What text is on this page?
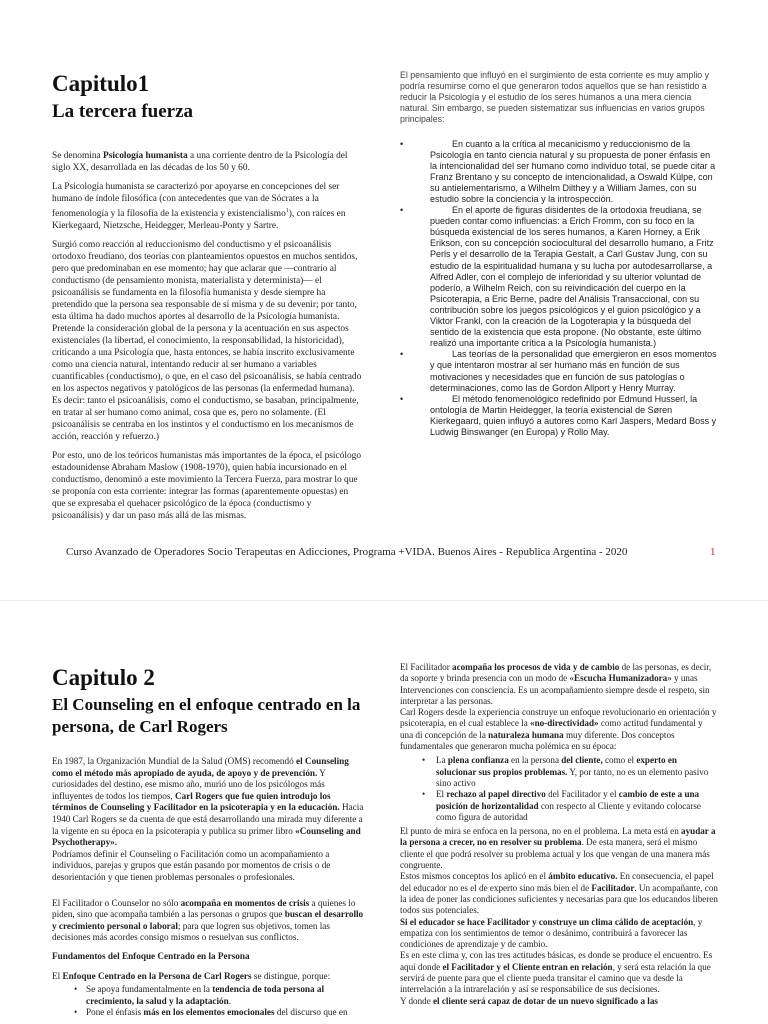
Capitulo1
La tercera fuerza

Se denomina Psicología humanista a una corriente dentro de la Psicología del siglo XX, desarrollada en las décadas de los 50 y 60.

La Psicología humanista se caracterizó por apoyarse en concepciones del ser humano de índole filosófica (con antecedentes que van de Sócrates a la fenomenología y la filosofía de la existencia y existencialismo$^1$), con raíces en Kierkegaard, Nietzsche, Heidegger, Merleau-Ponty y Sartre.

Surgió como reacción al reduccionismo del conductismo y el psicoanálisis ortodoxo freudiano, dos teorías con planteamientos opuestos en muchos sentidos, pero que predominaban en ese momento; hay que aclarar que —contrario al conductismo (de pensamiento monista, materialista y determinista)— el psicoanálisis se fundamenta en la filosofía humanista y desde siempre ha pretendido que la persona sea responsable de sí misma y de su devenir; por tanto, esta última ha dado muchos aportes al desarrollo de la Psicología humanista. Pretende la consideración global de la persona y la acentuación en sus aspectos existenciales (la libertad, el conocimiento, la responsabilidad, la historicidad), criticando a una Psicología que, hasta entonces, se había inscrito exclusivamente como una ciencia natural, intentando reducir al ser humano a variables cuantificables (conductismo), o que, en el caso del psicoanálisis, se había centrado en los aspectos negativos y patológicos de las personas (la enfermedad humana). Es decir: tanto el psicoanálisis, como el conductismo, se basaban, principalmente, en tratar al ser humano como animal, cosa que es, pero no solamente. (El psicoanálisis se centraba en los instintos y el conductismo en los mecanismos de acción, reacción y refuerzo.)

Por esto, uno de los teóricos humanistas más importantes de la época, el psicólogo estadounidense Abraham Maslow (1908-1970), quien había incursionado en el conductismo, denominó a este movimiento la Tercera Fuerza, para mostrar lo que se proponía con esta corriente: integrar las formas (aparentemente opuestas) en que se expresaba el quehacer psicológico de la época (conductismo y psicoanálisis) y dar un paso más allá de las mismas.

El pensamiento que influyó en el surgimiento de esta corriente es muy amplio y podría resumirse como el que generaron todos aquellos que se han resistido a reducir la Psicología y el estudio de los seres humanos a una mera ciencia natural. Sin embargo, se pueden sistematizar sus influencias en varios grupos principales:
•	En cuanto a la crítica al mecanicismo y reduccionismo de la Psicología en tanto ciencia natural y su propuesta de poner énfasis en la intencionalidad del ser humano como individuo total, se puede citar a Franz Brentano y su concepto de intencionalidad, a Oswald Külpe, con su antielementarismo, a Wilhelm Dilthey y a William James, con su estudio sobre la conciencia y la introspección.
•	En el aporte de figuras disidentes de la ortodoxia freudiana, se pueden contar como influencias: a Erich Fromm, con su foco en la búsqueda existencial de los seres humanos, a Karen Horney, a Erik Erikson, con su concepción sociocultural del desarrollo humano, a Fritz Perls y el desarrollo de la Terapia Gestalt, a Carl Gustav Jung, con su estudio de la espiritualidad humana y su lucha por autodesarrollarse, a Alfred Adler, con el complejo de inferioridad y su ulterior voluntad de poderío, a Wilhelm Reich, con su reivindicación del cuerpo en la Psicoterapia, a Eric Berne, padre del Análisis Transaccional, con su contribución sobre los juegos psicológicos y el guion psicológico y a Viktor Frankl, con la creación de la Logoterapia y la búsqueda del sentido de la existencia que esta propone. (No obstante, este último realizó una importante crítica a la Psicología humanista.)
•	Las teorías de la personalidad que emergieron en esos momentos y que intentaron mostrar al ser humano más en función de sus motivaciones y necesidades que en función de sus patologías o determinaciones, como las de Gordon Allport y Henry Murray.
•	El método fenomenológico redefinido por Edmund Husserl, la ontología de Martin Heidegger, la teoría existencial de Søren Kierkegaard, quien influyó a autores como Karl Jaspers, Medard Boss y Ludwig Binswanger (en Europa) y Rollo May.
Curso Avanzado de Operadores Socio Terapeutas en Adicciones, Programa +VIDA. Buenos Aires - Republica Argentina - 2020	1
Capitulo 2
El Counseling en el enfoque centrado en la persona, de Carl Rogers

En 1987, la Organización Mundial de la Salud (OMS) recomendó el Counseling como el método más apropiado de ayuda, de apoyo y de prevención. Y curiosidades del destino, ese mismo año, murió uno de los psicólogos más influyentes de todos los tiempos, Carl Rogers que fue quien introdujo los términos de Counseling y Facilitador en la psicoterapia y en la educación. Hacia 1940 Carl Rogers se da cuenta de que está desarrollando una mirada muy diferente a la vigente en su época en la psicoterapia y publica su primer libro «Counseling and Psychotherapy».
Podríamos definir el Counseling o Facilitación como un acompañamiento a individuos, parejas y grupos que están pasando por momentos de crisis o de desorientación y que tienen problemas personales o profesionales.

El Facilitador o Counselor no sólo acompaña en momentos de crisis a quienes lo piden, sino que acompaña también a las personas o grupos que buscan el desarrollo y crecimiento personal o laboral; para que logren sus objetivos, tomen las decisiones más acordes consigo mismos o resuelvan sus conflictos.

Fundamentos del Enfoque Centrado en la Persona

El Enfoque Centrado en la Persona de Carl Rogers se distingue, porque:

• Se apoya fundamentalmente en la tendencia de toda persona al crecimiento, la salud y la adaptación.
• Pone el énfasis más en los elementos emocionales del discurso que en

El Facilitador acompaña los procesos de vida y de cambio de las personas, es decir, da soporte y brinda presencia con un modo de «Escucha Humanizadora» y unas Intervenciones con consciencia. Es un acompañamiento siempre desde el respeto, sin interpretar a las personas.

Carl Rogers desde la experiencia construye un enfoque revolucionario en orientación y psicoterapia, en el cual establece la «no-directividad» como actitud fundamental y una di concepción de la naturaleza humana muy diferente. Dos conceptos fundamentales que generaron mucha polémica en su época:

• La plena confianza en la persona del cliente, como el experto en solucionar sus propios problemas. Y, por tanto, no es un elemento pasivo sino activo
• El rechazo al papel directivo del Facilitador y el cambio de este a una posición de horizontalidad con respecto al Cliente y evitando colocarse como figura de autoridad

El punto de mira se enfoca en la persona, no en el problema. La meta está en ayudar a la persona a crecer, no en resolver su problema. De esta manera, será el mismo cliente el que podrá resolver su problema actual y los que vengan de una manera más congruente.

Estos mismos conceptos los aplicó en el ámbito educativo. En consecuencia, el papel del educador no es el de experto sino más bien el de Facilitador. Un acompañante, con la idea de poner las condiciones suficientes y necesarias para que los educandos liberen todos sus potenciales.

Si el educador se hace Facilitador y construye un clima cálido de aceptación, y empatiza con los sentimientos de temor o desánimo, contribuirá a favorecer las condiciones de aprendizaje y de cambio.

Es en este clima y, con las tres actitudes básicas, es donde se produce el encuentro. Es aquí donde el Facilitador y el Cliente entran en relación, y será esta relación la que servirá de puente para que el cliente pueda transitar el camino que va desde la interrelación a la intrarelación y así se responsabilice de sus decisiones.

Y donde el cliente será capaz de dotar de un nuevo significado a las
